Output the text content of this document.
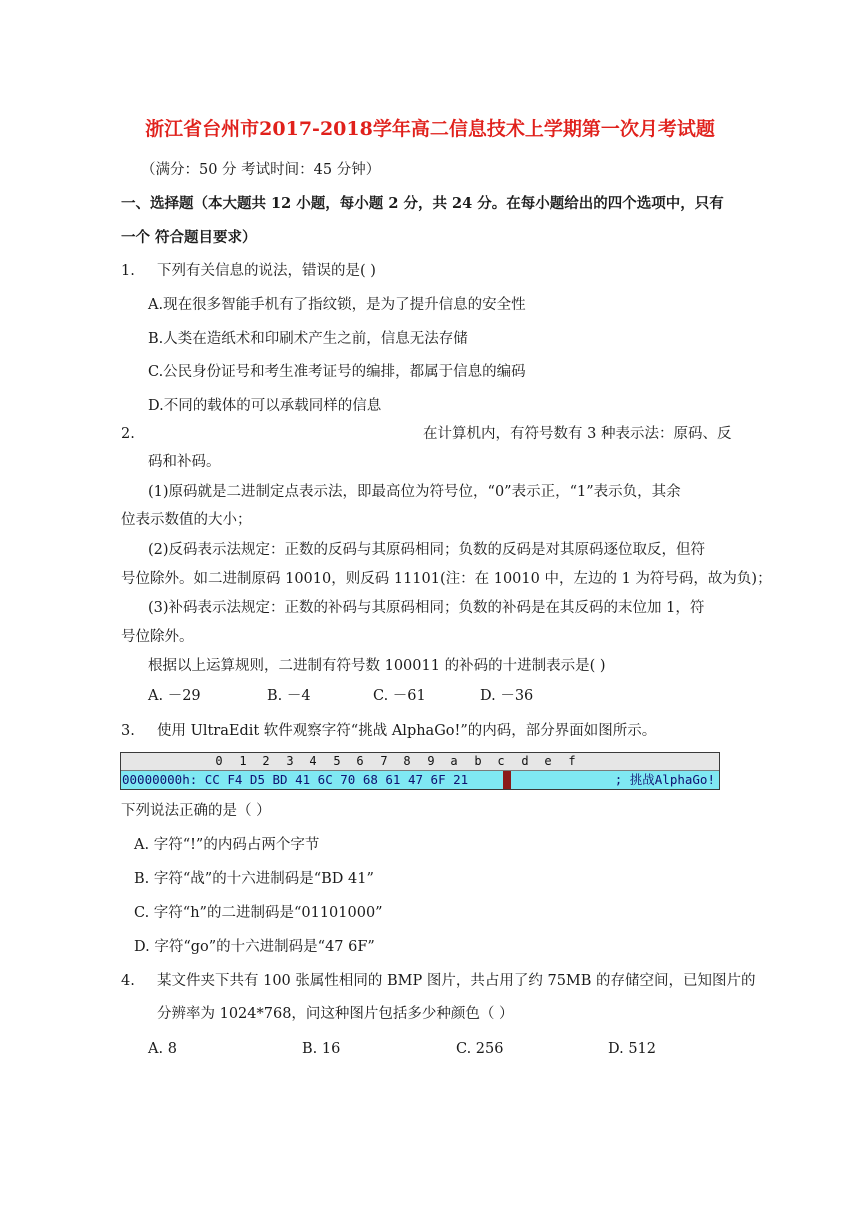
浙江省台州市2017-2018学年高二信息技术上学期第一次月考试题
（满分：50 分 考试时间：45 分钟）
一、选择题（本大题共 12 小题，每小题 2 分，共 24 分。在每小题给出的四个选项中，只有
一个 符合题目要求）
1. 下列有关信息的说法，错误的是( )
A.现在很多智能手机有了指纹锁，是为了提升信息的安全性
B.人类在造纸术和印刷术产生之前，信息无法存储
C.公民身份证号和考生准考证号的编排，都属于信息的编码
D.不同的载体的可以承载同样的信息
2.	在计算机内，有符号数有 3 种表示法：原码、反
码和补码。
(1)原码就是二进制定点表示法，即最高位为符号位，“0”表示正，“1”表示负，其余
位表示数值的大小；
(2)反码表示法规定：正数的反码与其原码相同；负数的反码是对其原码逐位取反，但符
号位除外。如二进制原码 10010，则反码 11101(注：在 10010 中，左边的 1 为符号码，故为负)；
(3)补码表示法规定：正数的补码与其原码相同；负数的补码是在其反码的末位加 1，符
号位除外。
根据以上运算规则，二进制有符号数 100011 的补码的十进制表示是( )
A. －29	B. －4	C. －61	D. －36
3. 使用 UltraEdit 软件观察字符“挑战 AlphaGo!”的内码，部分界面如图所示。
0	1	2	3	4	5	6	7	8	9	a	b	c	d	e	f
00000000h: CC F4 D5 BD 41 6C 70 68 61 47 6F 21	; 挑战AlphaGo!
下列说法正确的是（ ）
A. 字符“!”的内码占两个字节
B. 字符“战”的十六进制码是“BD 41”
C. 字符“h”的二进制码是“01101000”
D. 字符“go”的十六进制码是“47 6F”
4. 某文件夹下共有 100 张属性相同的 BMP 图片，共占用了约 75MB 的存储空间，已知图片的
分辨率为 1024*768，问这种图片包括多少种颜色（ ）
A. 8	B. 16	C. 256	D. 512
